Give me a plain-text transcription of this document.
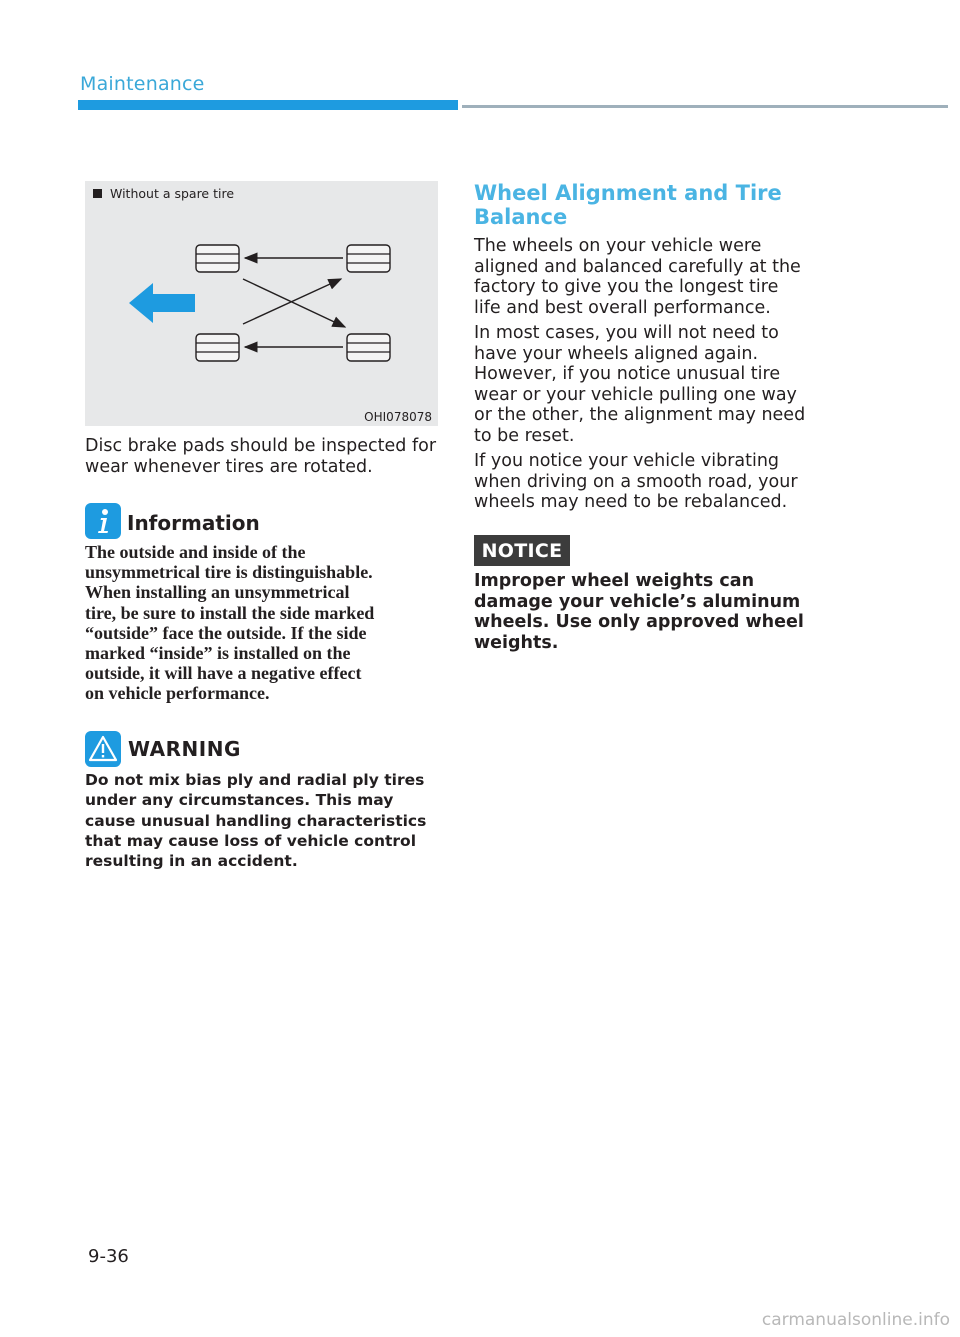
Maintenance
Without a spare tire
OHI078078
Disc brake pads should be inspected for
wear whenever tires are rotated.
Information
The outside and inside of the
unsymmetrical tire is distinguishable.
When installing an unsymmetrical
tire, be sure to install the side marked
“outside” face the outside. If the side
marked “inside” is installed on the
outside, it will have a negative effect
on vehicle performance.
WARNING
Do not mix bias ply and radial ply tires
under any circumstances. This may
cause unusual handling characteristics
that may cause loss of vehicle control
resulting in an accident.
Wheel Alignment and Tire
Balance
The wheels on your vehicle were
aligned and balanced carefully at the
factory to give you the longest tire
life and best overall performance.
In most cases, you will not need to
have your wheels aligned again.
However, if you notice unusual tire
wear or your vehicle pulling one way
or the other, the alignment may need
to be reset.
If you notice your vehicle vibrating
when driving on a smooth road, your
wheels may need to be rebalanced.
NOTICE
Improper wheel weights can
damage your vehicle’s aluminum
wheels. Use only approved wheel
weights.
9-36
carmanualsonline.info
